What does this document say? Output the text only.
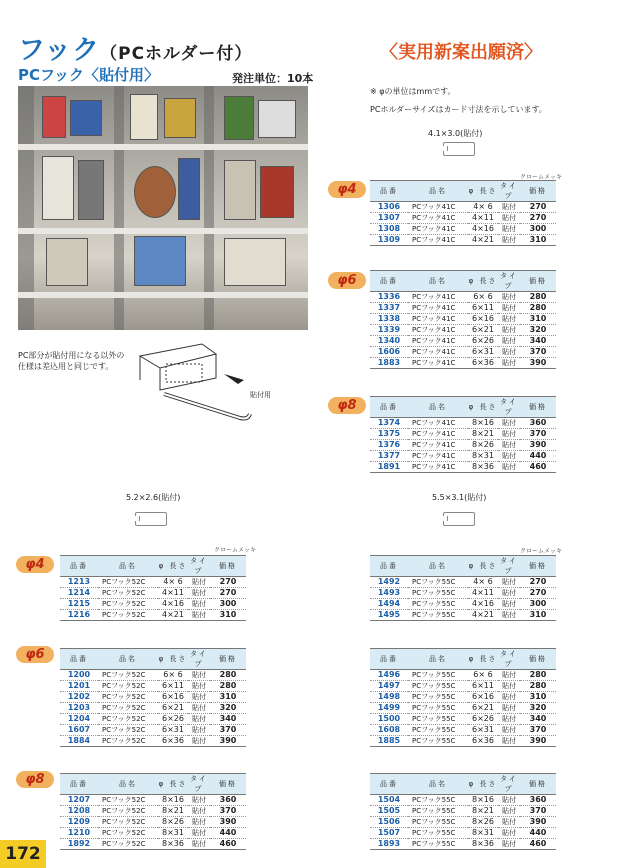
フック（PCホルダー付）	〈実用新案出願済〉
PCフック〈貼付用〉	発注単位：10本
PC部分が貼付用になる以外の
仕様は差込用と同じです。
貼付用
※ φの単位はmmです。
PCホルダーサイズはカード寸法を示しています。
4.1×3.0(貼付)
クロームメッキ
5.2×2.6(貼付)
クロームメッキ
5.5×3.1(貼付)
クロームメッキ
φ4
φ6
φ8
φ4
φ6
φ8
品番	品名	φ 長さ	タイプ	価格
1306	PCフック41C	4× 6	貼付	270
1307	PCフック41C	4×11	貼付	270
1308	PCフック41C	4×16	貼付	300
1309	PCフック41C	4×21	貼付	310
品番	品名	φ 長さ	タイプ	価格
1336	PCフック41C	6× 6	貼付	280
1337	PCフック41C	6×11	貼付	280
1338	PCフック41C	6×16	貼付	310
1339	PCフック41C	6×21	貼付	320
1340	PCフック41C	6×26	貼付	340
1606	PCフック41C	6×31	貼付	370
1883	PCフック41C	6×36	貼付	390
品番	品名	φ 長さ	タイプ	価格
1374	PCフック41C	8×16	貼付	360
1375	PCフック41C	8×21	貼付	370
1376	PCフック41C	8×26	貼付	390
1377	PCフック41C	8×31	貼付	440
1891	PCフック41C	8×36	貼付	460
品番	品名	φ 長さ	タイプ	価格
1213	PCフック52C	4× 6	貼付	270
1214	PCフック52C	4×11	貼付	270
1215	PCフック52C	4×16	貼付	300
1216	PCフック52C	4×21	貼付	310
品番	品名	φ 長さ	タイプ	価格
1200	PCフック52C	6× 6	貼付	280
1201	PCフック52C	6×11	貼付	280
1202	PCフック52C	6×16	貼付	310
1203	PCフック52C	6×21	貼付	320
1204	PCフック52C	6×26	貼付	340
1607	PCフック52C	6×31	貼付	370
1884	PCフック52C	6×36	貼付	390
品番	品名	φ 長さ	タイプ	価格
1207	PCフック52C	8×16	貼付	360
1208	PCフック52C	8×21	貼付	370
1209	PCフック52C	8×26	貼付	390
1210	PCフック52C	8×31	貼付	440
1892	PCフック52C	8×36	貼付	460
品番	品名	φ 長さ	タイプ	価格
1492	PCフック55C	4× 6	貼付	270
1493	PCフック55C	4×11	貼付	270
1494	PCフック55C	4×16	貼付	300
1495	PCフック55C	4×21	貼付	310
品番	品名	φ 長さ	タイプ	価格
1496	PCフック55C	6× 6	貼付	280
1497	PCフック55C	6×11	貼付	280
1498	PCフック55C	6×16	貼付	310
1499	PCフック55C	6×21	貼付	320
1500	PCフック55C	6×26	貼付	340
1608	PCフック55C	6×31	貼付	370
1885	PCフック55C	6×36	貼付	390
品番	品名	φ 長さ	タイプ	価格
1504	PCフック55C	8×16	貼付	360
1505	PCフック55C	8×21	貼付	370
1506	PCフック55C	8×26	貼付	390
1507	PCフック55C	8×31	貼付	440
1893	PCフック55C	8×36	貼付	460
172
